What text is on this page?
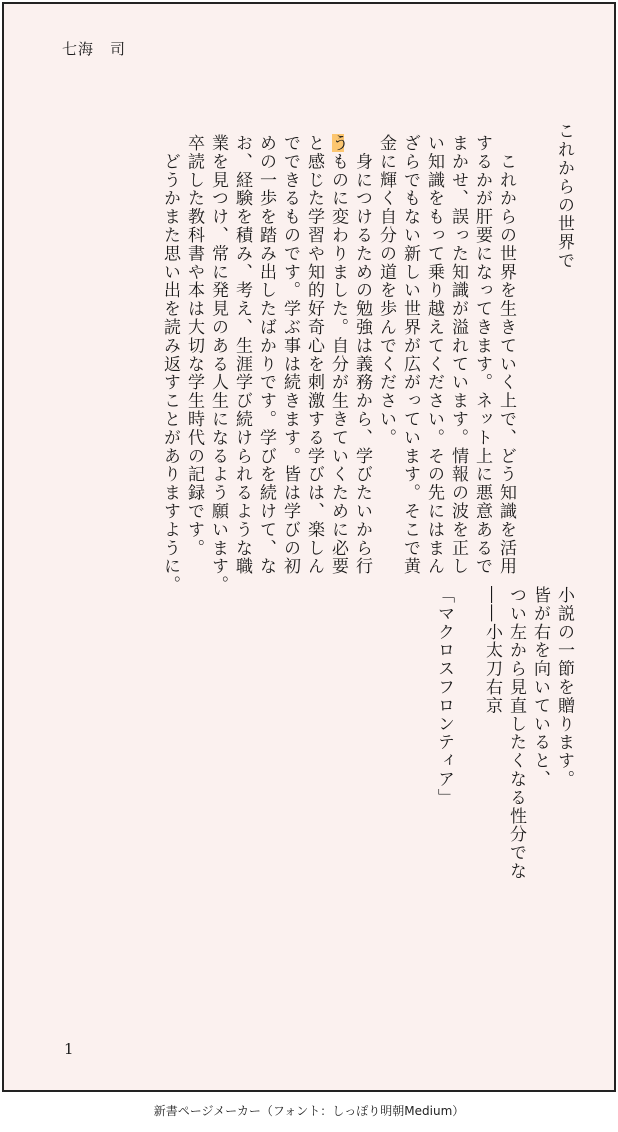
七海 司
これからの世界で
　これからの世界を生きていく上で、どう知識を活用
するかが肝要になってきます。ネット上に悪意あるで
まかせ、誤った知識が溢れています。情報の波を正し
い知識をもって乗り越えてください。その先にはまん
ざらでもない新しい世界が広がっています。そこで黄
金に輝く自分の道を歩んでください。
　身につけるための勉強は義務から、学びたいから行
うものに変わりました。自分が生きていくために必要
と感じた学習や知的好奇心を刺激する学びは、楽しん
でできるものです。学ぶ事は続きます。皆は学びの初
めの一歩を踏み出したばかりです。学びを続けて、な
お、経験を積み、考え、生涯学び続けられるような職
業を見つけ、常に発見のある人生になるよう願います。
卒読した教科書や本は大切な学生時代の記録です。
　どうかまた思い出を読み返すことがありますように。
小説の一節を贈ります。
皆が右を向いていると、
つい左から見直したくなる性分でな
――小太刀右京

「マクロスフロンティア」
1
新書ページメーカー（フォント：しっぽり明朝Medium）
